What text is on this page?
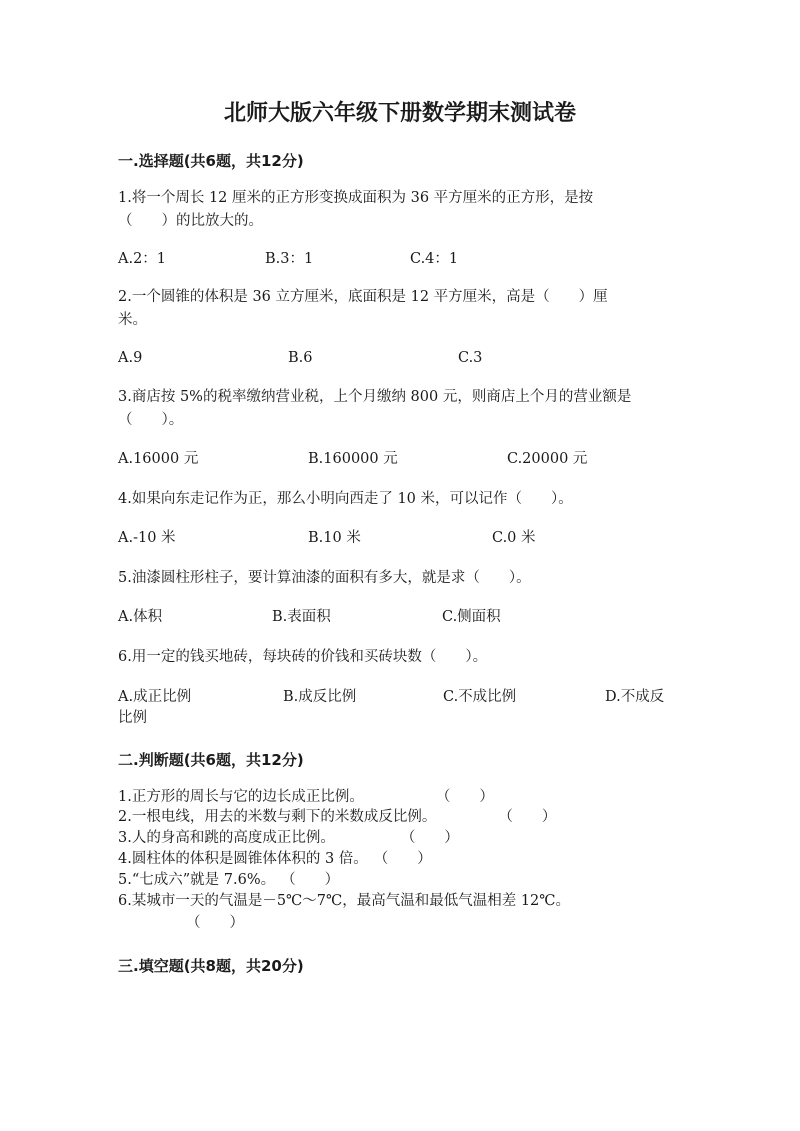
北师大版六年级下册数学期末测试卷
一.选择题(共6题，共12分)
1.将一个周长 12 厘米的正方形变换成面积为 36 平方厘米的正方形，是按
（　　）的比放大的。
A.2：1	B.3：1	C.4：1
2.一个圆锥的体积是 36 立方厘米，底面积是 12 平方厘米，高是（　　）厘
米。
A.9	B.6	C.3
3.商店按 5%的税率缴纳营业税，上个月缴纳 800 元，则商店上个月的营业额是
（　　）。
A.16000 元	B.160000 元	C.20000 元
4.如果向东走记作为正，那么小明向西走了 10 米，可以记作（　　）。
A.-10 米	B.10 米	C.0 米
5.油漆圆柱形柱子，要计算油漆的面积有多大，就是求（　　）。
A.体积	B.表面积	C.侧面积
6.用一定的钱买地砖，每块砖的价钱和买砖块数（　　）。
A.成正比例	B.成反比例	C.不成比例	D.不成反
比例
二.判断题(共6题，共12分)
1.正方形的周长与它的边长成正比例。	（　　）
2.一根电线，用去的米数与剩下的米数成反比例。	（　　）
3.人的身高和跳的高度成正比例。	（　　）
4.圆柱体的体积是圆锥体体积的 3 倍。 （　　）
5.“七成六”就是 7.6%。 （　　）
6.某城市一天的气温是－5℃～7℃，最高气温和最低气温相差 12℃。
（　　）
三.填空题(共8题，共20分)
